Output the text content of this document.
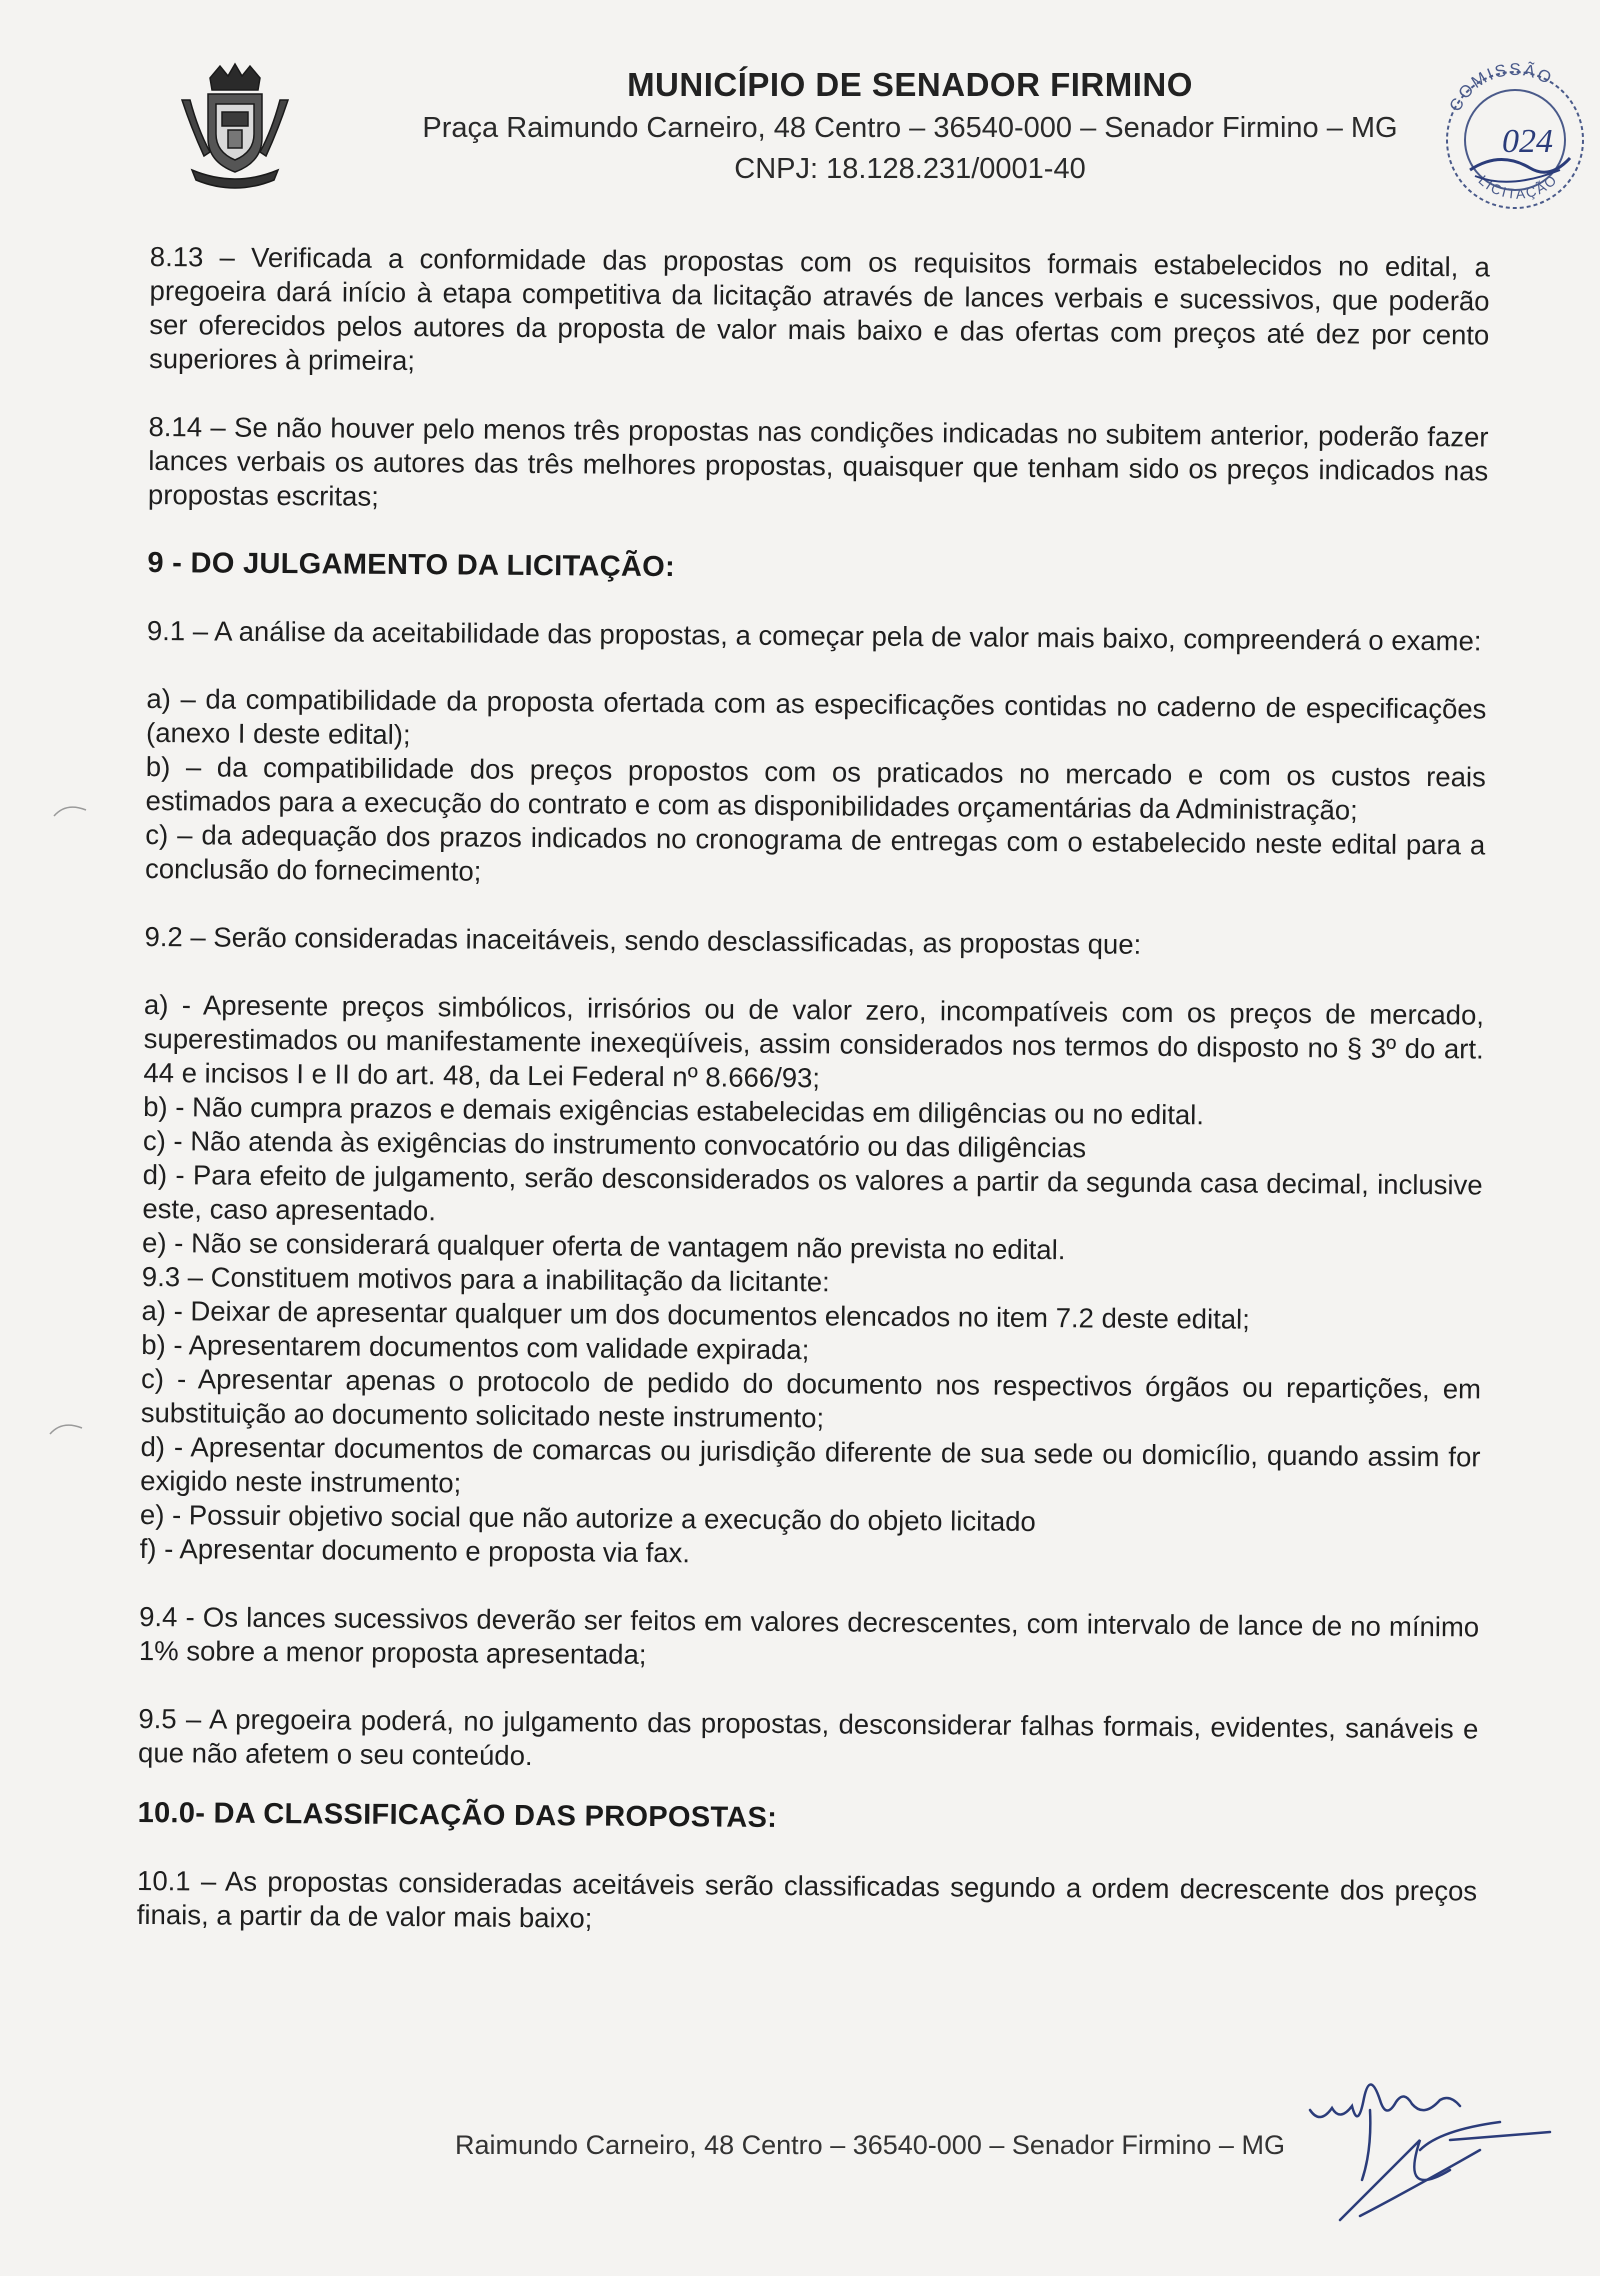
MUNICÍPIO DE SENADOR FIRMINO
Praça Raimundo Carneiro, 48 Centro – 36540-000 – Senador Firmino – MG
CNPJ: 18.128.231/0001-40
COMISSÃO
LICITAÇÃO
024

8.13 – Verificada a conformidade das propostas com os requisitos formais estabelecidos no edital, a pregoeira dará início à etapa competitiva da licitação através de lances verbais e sucessivos, que poderão ser oferecidos pelos autores da proposta de valor mais baixo e das ofertas com preços até dez por cento superiores à primeira;

8.14 – Se não houver pelo menos três propostas nas condições indicadas no subitem anterior, poderão fazer lances verbais os autores das três melhores propostas, quaisquer que tenham sido os preços indicados nas propostas escritas;

9 - DO JULGAMENTO DA LICITAÇÃO:

9.1 – A análise da aceitabilidade das propostas, a começar pela de valor mais baixo, compreenderá o exame:

a) – da compatibilidade da proposta ofertada com as especificações contidas no caderno de especificações (anexo I deste edital);

b) – da compatibilidade dos preços propostos com os praticados no mercado e com os custos reais estimados para a execução do contrato e com as disponibilidades orçamentárias da Administração;

c) – da adequação dos prazos indicados no cronograma de entregas com o estabelecido neste edital para a conclusão do fornecimento;

9.2 – Serão consideradas inaceitáveis, sendo desclassificadas, as propostas que:

a) - Apresente preços simbólicos, irrisórios ou de valor zero, incompatíveis com os preços de mercado, superestimados ou manifestamente inexeqüíveis, assim considerados nos termos do disposto no § 3º do art. 44 e incisos I e II do art. 48, da Lei Federal nº 8.666/93;

b) - Não cumpra prazos e demais exigências estabelecidas em diligências ou no edital.

c) - Não atenda às exigências do instrumento convocatório ou das diligências

d) - Para efeito de julgamento, serão desconsiderados os valores a partir da segunda casa decimal, inclusive este, caso apresentado.

e) - Não se considerará qualquer oferta de vantagem não prevista no edital.

9.3 – Constituem motivos para a inabilitação da licitante:

a) - Deixar de apresentar qualquer um dos documentos elencados no item 7.2 deste edital;

b) - Apresentarem documentos com validade expirada;

c) - Apresentar apenas o protocolo de pedido do documento nos respectivos órgãos ou repartições, em substituição ao documento solicitado neste instrumento;

d) - Apresentar documentos de comarcas ou jurisdição diferente de sua sede ou domicílio, quando assim for exigido neste instrumento;

e) - Possuir objetivo social que não autorize a execução do objeto licitado

f) - Apresentar documento e proposta via fax.

9.4 - Os lances sucessivos deverão ser feitos em valores decrescentes, com intervalo de lance de no mínimo 1% sobre a menor proposta apresentada;

9.5 – A pregoeira poderá, no julgamento das propostas, desconsiderar falhas formais, evidentes, sanáveis e que não afetem o seu conteúdo.

10.0- DA CLASSIFICAÇÃO DAS PROPOSTAS:

10.1 – As propostas consideradas aceitáveis serão classificadas segundo a ordem decrescente dos preços finais, a partir da de valor mais baixo;

Raimundo Carneiro, 48 Centro – 36540-000 – Senador Firmino – MG
